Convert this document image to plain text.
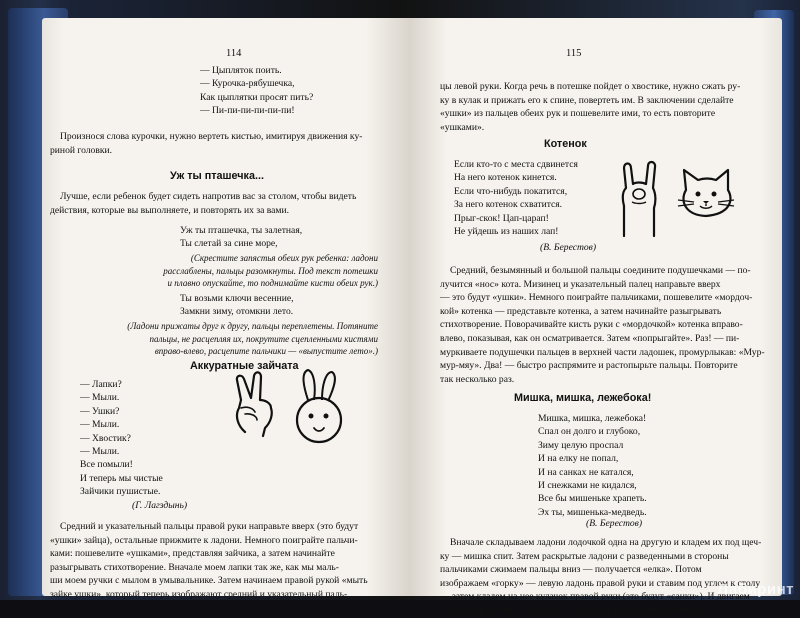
114
— Цыпляток поить.
— Курочка-рябушечка,
Как цыплятки просят пить?
— Пи-пи-пи-пи-пи-пи!
Произнося слова курочки, нужно вертеть кистью, имитируя движения ку-
риной головки.
Уж ты пташечка...
Лучше, если ребенок будет сидеть напротив вас за столом, чтобы видеть
действия, которые вы выполняете, и повторять их за вами.
Уж ты пташечка, ты залетная,
Ты слетай за сине море,
(Скрестите запястья обеих рук ребенка: ладони
расслаблены, пальцы разомкнуты. Под текст потешки
и плавно опускайте, то поднимайте кисти обеих рук.)
Ты возьми ключи весенние,
Замкни зиму, отомкни лето.
(Ладони прижаты друг к другу, пальцы переплетены. Потяните
пальцы, не расцепляя их, покрутите сцепленными кистями
вправо-влево, расцепите пальчики — «выпустите лето».)
Аккуратные зайчата
— Лапки?
— Мыли.
— Ушки?
— Мыли.
— Хвостик?
— Мыли.
Все помыли!
И теперь мы чистые
Зайчики пушистые.
(Г. Лагздынь)
Средний и указательный пальцы правой руки направьте вверх (это будут
«ушки» зайца), остальные прижмите к ладони. Немного поиграйте пальчи-
ками: пошевелите «ушками», представляя зайчика, а затем начинайте
разыгрывать стихотворение. Вначале моем лапки так же, как мы маль-
ши моем ручки с мылом в умывальнике. Затем начинаем правой рукой «мыть
зайке ушки», который теперь изображают средний и указательный паль-
115
цы левой руки. Когда речь в потешке пойдет о хвостике, нужно сжать ру-
ку в кулак и прижать его к спине, повертеть им. В заключении сделайте
«ушки» из пальцев обеих рук и пошевелите ими, то есть повторите
«ушками».
Котенок
Если кто-то с места сдвинется
На него котенок кинется.
Если что-нибудь покатится,
За него котенок схватится.
Прыг-скок! Цап-царап!
Не уйдешь из наших лап!
(В. Берестов)
Средний, безымянный и большой пальцы соедините подушечками — по-
лучится «нос» кота. Мизинец и указательный палец направьте вверх
— это будут «ушки». Немного поиграйте пальчиками, пошевелите «мордоч-
кой» котенка — представьте котенка, а затем начинайте разыгрывать
стихотворение. Поворачивайте кисть руки с «мордочкой» котенка вправо-
влево, показывая, как он осматривается. Затем «попрыгайте». Раз! — пи-
муркиваете подушечки пальцев в верхней части ладошек, промурлыкав: «Мур-
мур-мяу». Два! — быстро распрямите и растопырьте пальцы. Повторите
так несколько раз.
Мишка, мишка, лежебока!
Мишка, мишка, лежебока!
Спал он долго и глубоко,
Зиму целую проспал
И на елку не попал,
И на санках не катался,
И снежками не кидался,
Все бы мишеньке храпеть.
Эх ты, мишенька-медведь.
(В. Берестов)
Вначале складываем ладони лодочкой одна на другую и кладем их под щеч-
ку — мишка спит. Затем раскрытые ладони с разведенными в стороны
пальчиками сжимаем пальцы вниз — получается «елка». Потом
изображаем «горку» — левую ладонь правой руки и ставим под углом к столу
— затем кладем на нее кулачок правой руки (это будут «санки»). И двигаем
им правым кулачком по левой ладони, как будто санки катятся с горки.
Лабиринт
